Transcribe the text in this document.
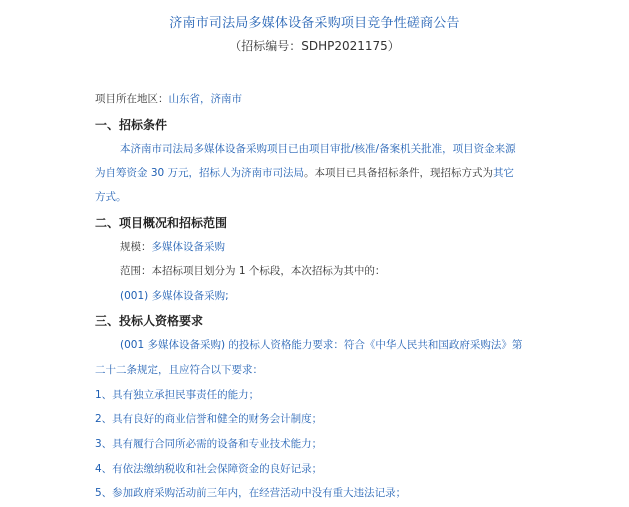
济南市司法局多媒体设备采购项目竞争性磋商公告
（招标编号：SDHP2021175）
项目所在地区：山东省，济南市
一、招标条件
本济南市司法局多媒体设备采购项目已由项目审批/核准/备案机关批准，项目资金来源
为自筹资金 30 万元，招标人为济南市司法局。本项目已具备招标条件，现招标方式为其它
方式。
二、项目概况和招标范围
规模：多媒体设备采购
范围：本招标项目划分为 1 个标段，本次招标为其中的：
(001) 多媒体设备采购;
三、投标人资格要求
(001 多媒体设备采购) 的投标人资格能力要求：符合《中华人民共和国政府采购法》第
二十二条规定，且应符合以下要求：
1、具有独立承担民事责任的能力；
2、具有良好的商业信誉和健全的财务会计制度；
3、具有履行合同所必需的设备和专业技术能力；
4、有依法缴纳税收和社会保障资金的良好记录；
5、参加政府采购活动前三年内，在经营活动中没有重大违法记录；
